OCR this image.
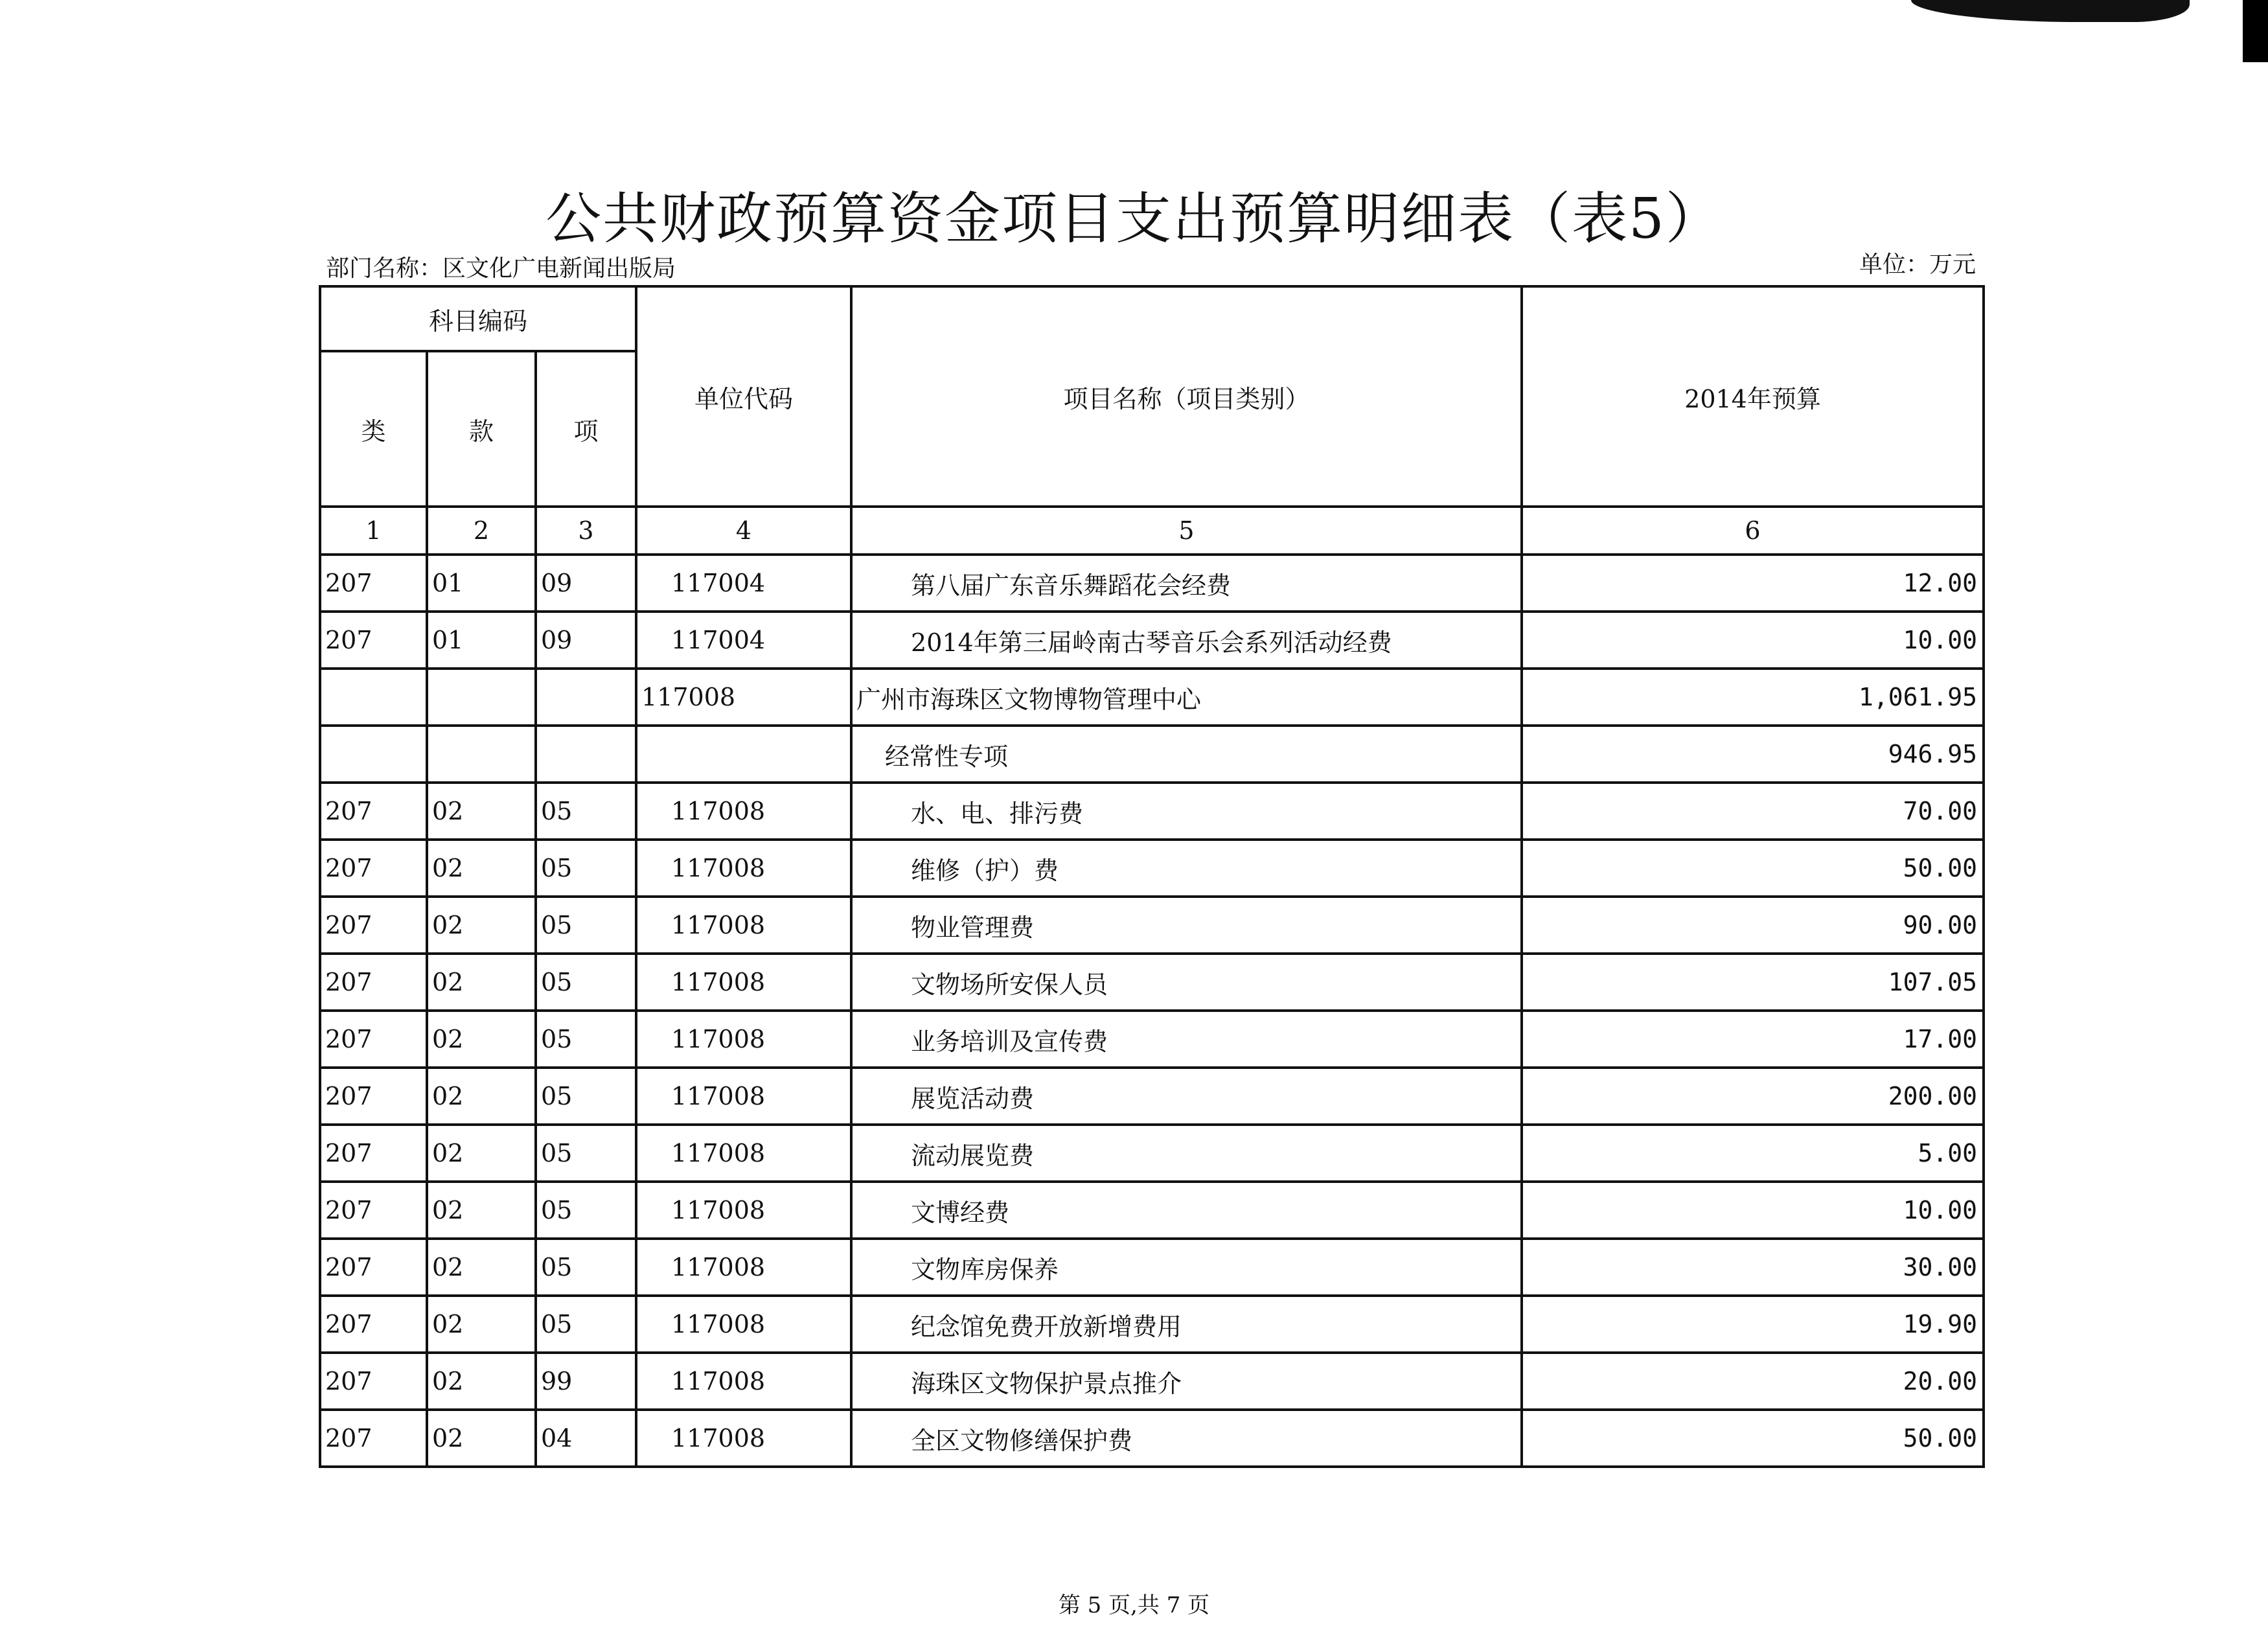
公共财政预算资金项目支出预算明细表（表5）
部门名称：区文化广电新闻出版局	单位：万元
科目编码			单位代码	项目名称（项目类别）	2014年预算
类	款	项			
1	2	3	4	5	6
207	01	09	117004	第八届广东音乐舞蹈花会经费	12.00
207	01	09	117004	2014年第三届岭南古琴音乐会系列活动经费	10.00
			117008	广州市海珠区文物博物管理中心	1,061.95
				经常性专项	946.95
207	02	05	117008	水、电、排污费	70.00
207	02	05	117008	维修（护）费	50.00
207	02	05	117008	物业管理费	90.00
207	02	05	117008	文物场所安保人员	107.05
207	02	05	117008	业务培训及宣传费	17.00
207	02	05	117008	展览活动费	200.00
207	02	05	117008	流动展览费	5.00
207	02	05	117008	文博经费	10.00
207	02	05	117008	文物库房保养	30.00
207	02	05	117008	纪念馆免费开放新增费用	19.90
207	02	99	117008	海珠区文物保护景点推介	20.00
207	02	04	117008	全区文物修缮保护费	50.00
第 5 页,共 7 页
